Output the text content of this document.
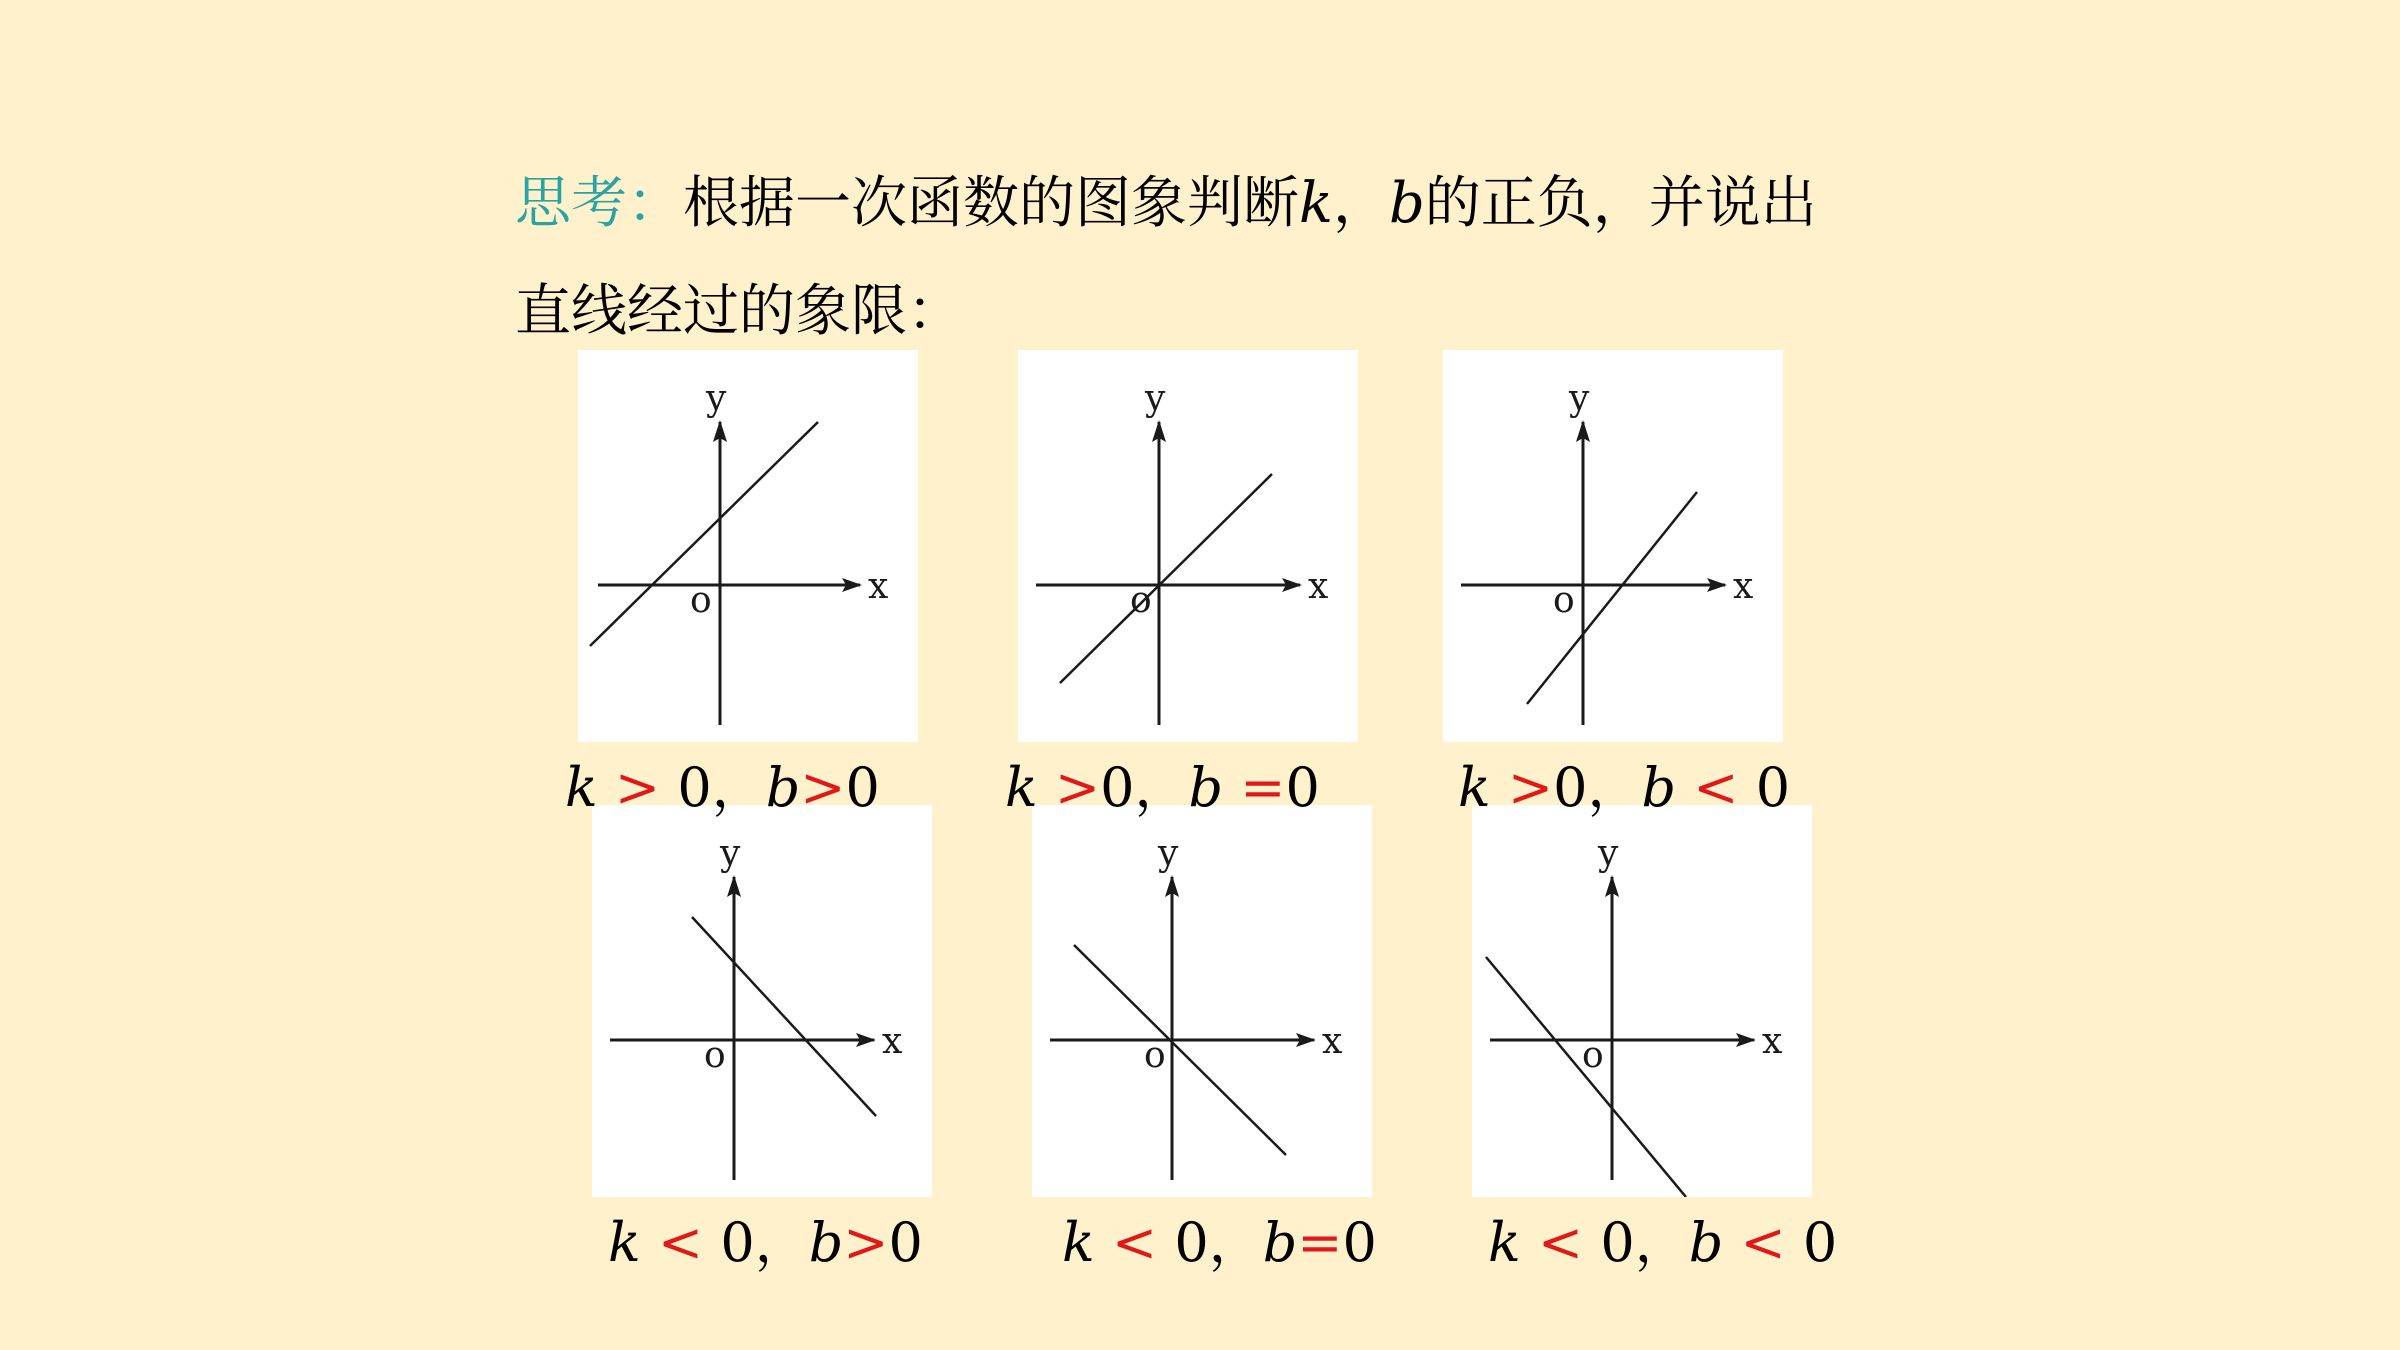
思考：根据一次函数的图象判断k，b的正负，并说出
直线经过的象限：
x
y
o	x
y
o	x
y
o
x
y
o	x
y
o	x
y
o
k > 0，b>0	k >0，b =0	k >0，b < 0
k < 0，b>0	k < 0，b=0	k < 0，b < 0
